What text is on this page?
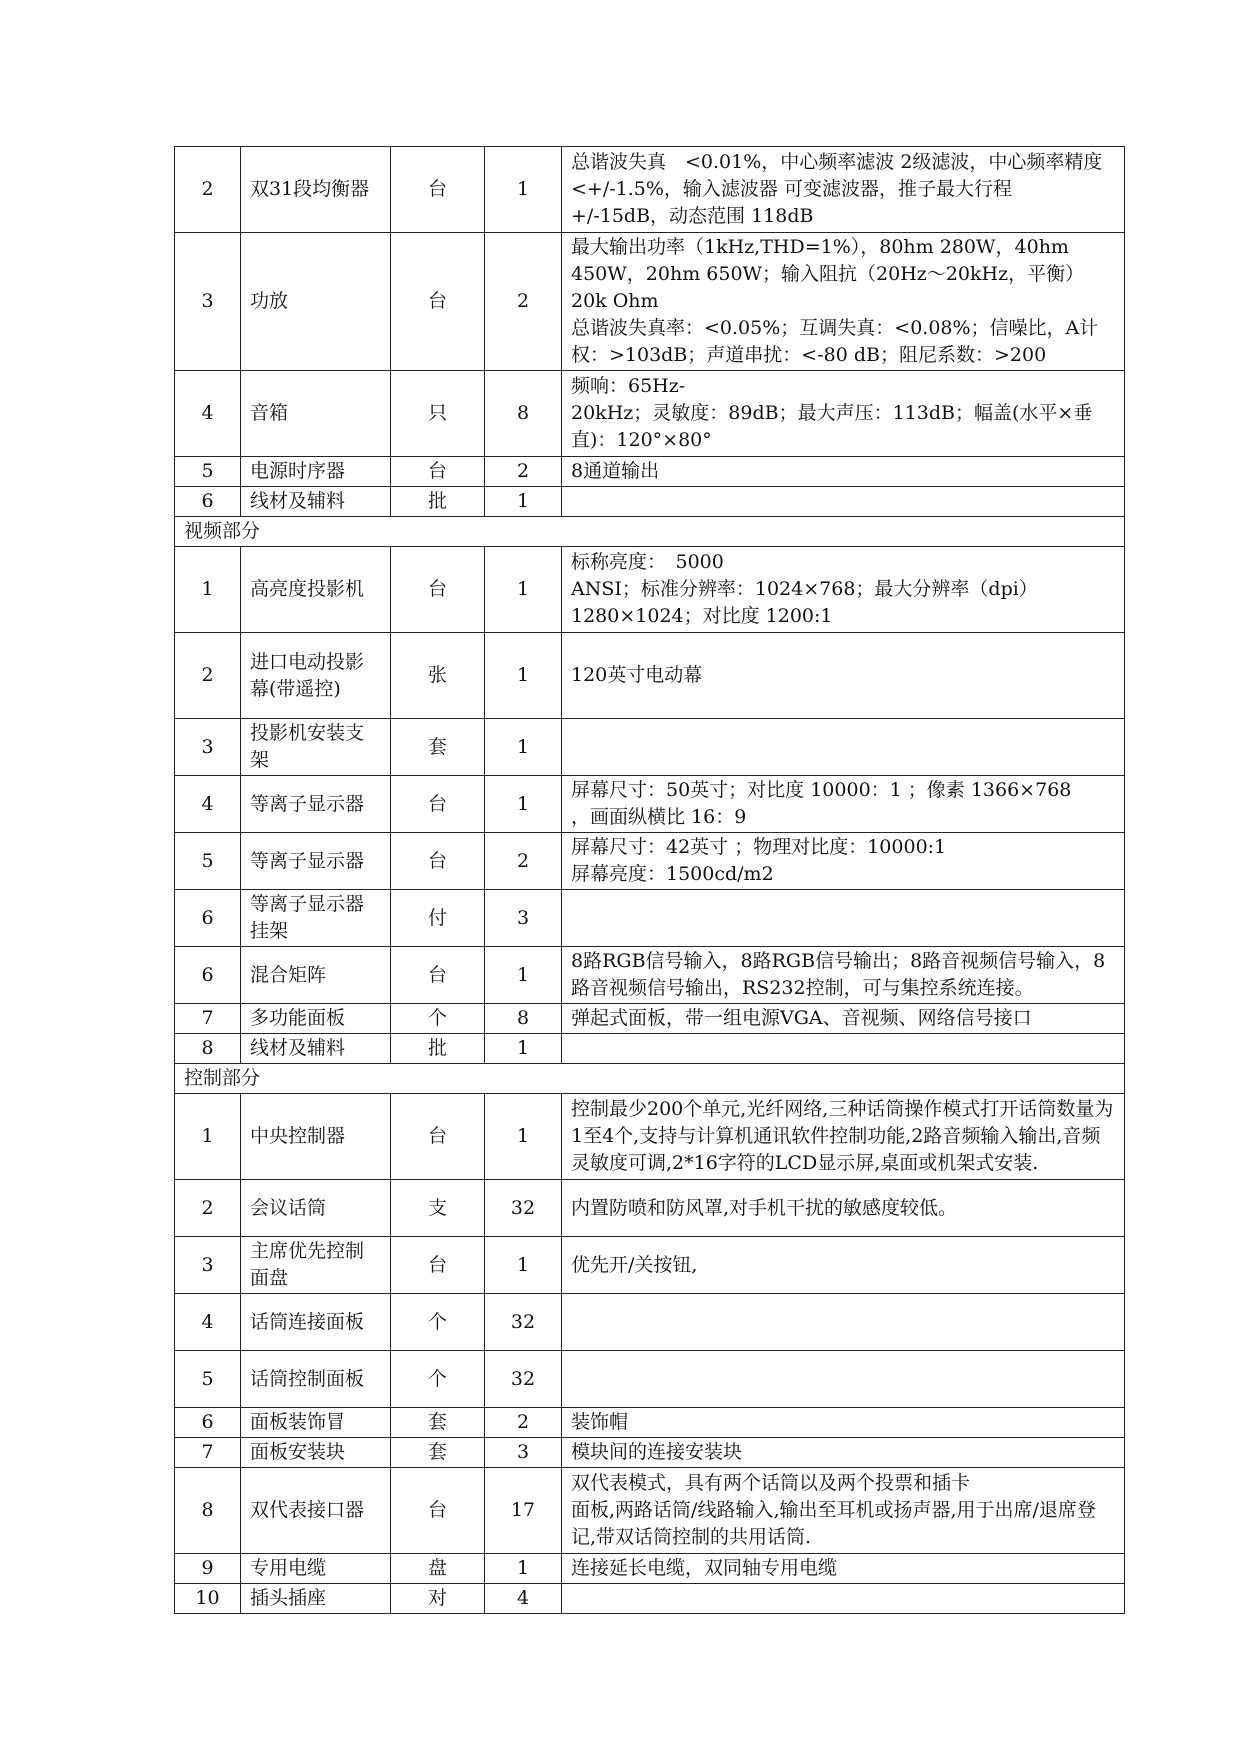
2	双31段均衡器	台	1	总谐波失真　<0.01%，中心频率滤波 2级滤波，中心频率精度<+/-1.5%，输入滤波器 可变滤波器，推子最大行程 +/-15dB，动态范围 118dB
3	功放	台	2	最大输出功率（1kHz,THD=1%），80hm 280W，40hm 450W，20hm 650W；输入阻抗（20Hz～20kHz，平衡）　20k Ohm
总谐波失真率：<0.05%；互调失真：<0.08%；信噪比，A计权：>103dB；声道串扰：<-80 dB；阻尼系数：>200
4	音箱	只	8	频响：65Hz-
20kHz；灵敏度：89dB；最大声压：113dB；幅盖(水平×垂直)：120°×80°
5	电源时序器	台	2	8通道输出
6	线材及辅料	批	1	
视频部分				
1	高亮度投影机	台	1	标称亮度：　5000
ANSI；标准分辨率：1024×768；最大分辨率（dpi）1280×1024；对比度 1200:1
2	进口电动投影幕(带遥控)	张	1	120英寸电动幕
3	投影机安装支架	套	1	
4	等离子显示器	台	1	屏幕尺寸：50英寸；对比度 10000：1 ；像素 1366×768
，画面纵横比 16：9
5	等离子显示器	台	2	屏幕尺寸：42英寸 ；物理对比度：10000:1
屏幕亮度：1500cd/m2
6	等离子显示器挂架	付	3	
6	混合矩阵	台	1	8路RGB信号输入，8路RGB信号输出；8路音视频信号输入，8路音视频信号输出，RS232控制，可与集控系统连接。
7	多功能面板	个	8	弹起式面板，带一组电源VGA、音视频、网络信号接口
8	线材及辅料	批	1	
控制部分				
1	中央控制器	台	1	控制最少200个单元,光纤网络,三种话筒操作模式打开话筒数量为1至4个,支持与计算机通讯软件控制功能,2路音频输入输出,音频灵敏度可调,2*16字符的LCD显示屏,桌面或机架式安装.
2	会议话筒	支	32	内置防喷和防风罩,对手机干扰的敏感度较低。
3	主席优先控制面盘	台	1	优先开/关按钮,
4	话筒连接面板	个	32	
5	话筒控制面板	个	32	
6	面板装饰冒	套	2	装饰帽
7	面板安装块	套	3	模块间的连接安装块
8	双代表接口器	台	17	双代表模式，具有两个话筒以及两个投票和插卡
面板,两路话筒/线路输入,输出至耳机或扬声器,用于出席/退席登记,带双话筒控制的共用话筒.
9	专用电缆	盘	1	连接延长电缆，双同轴专用电缆
10	插头插座	对	4	
